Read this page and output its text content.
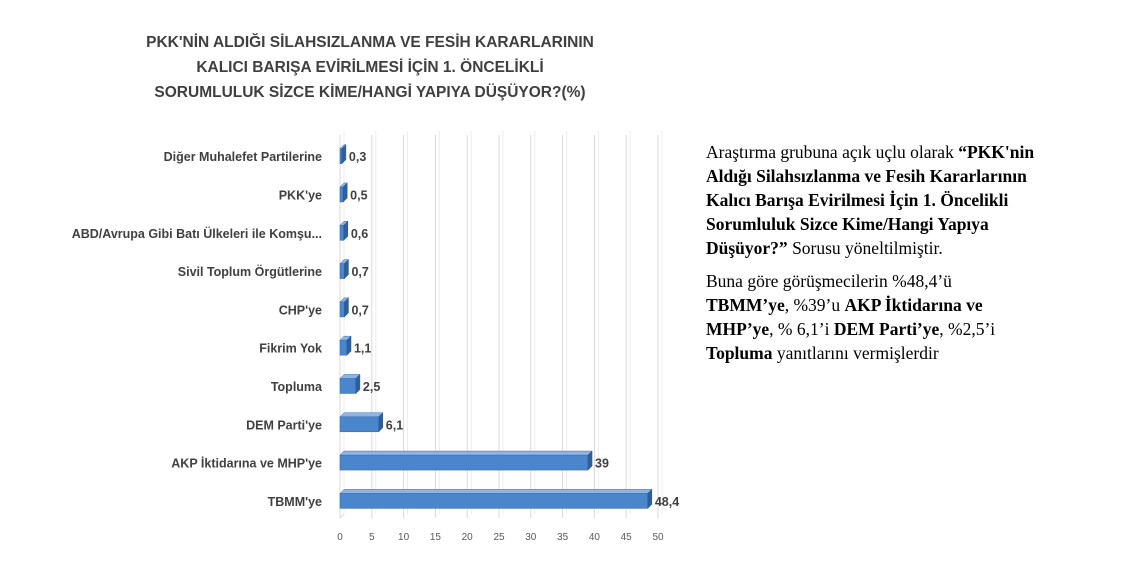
PKK'NİN ALDIĞI SİLAHSIZLANMA VE FESİH KARARLARININ
KALICI BARIŞA EVİRİLMESİ İÇİN 1. ÖNCELİKLİ
SORUMLULUK SİZCE KİME/HANGİ YAPIYA DÜŞÜYOR?(%)
Diğer Muhalefet Partilerine
PKK'ye
ABD/Avrupa Gibi Batı Ülkeleri ile Komşu...
Sivil Toplum Örgütlerine
CHP'ye
Fikrim Yok
Topluma
DEM Parti'ye
AKP İktidarına ve MHP'ye
TBMM'ye
0,3
0,5
0,6
0,7
0,7
1,1
2,5
6,1
39
48,4
0	5 10 15 20 25 30 35 40 45 50

Araştırma grubuna açık uçlu olarak “PKK'nin Aldığı Silahsızlanma ve Fesih Kararlarının Kalıcı Barışa Evirilmesi İçin 1. Öncelikli Sorumluluk Sizce Kime/Hangi Yapıya Düşüyor?” Sorusu yöneltilmiştir.

Buna göre görüşmecilerin %48,4’ü TBMM’ye, %39’u AKP İktidarına ve MHP’ye, % 6,1’i DEM Parti’ye, %2,5’i Topluma yanıtlarını vermişlerdir
